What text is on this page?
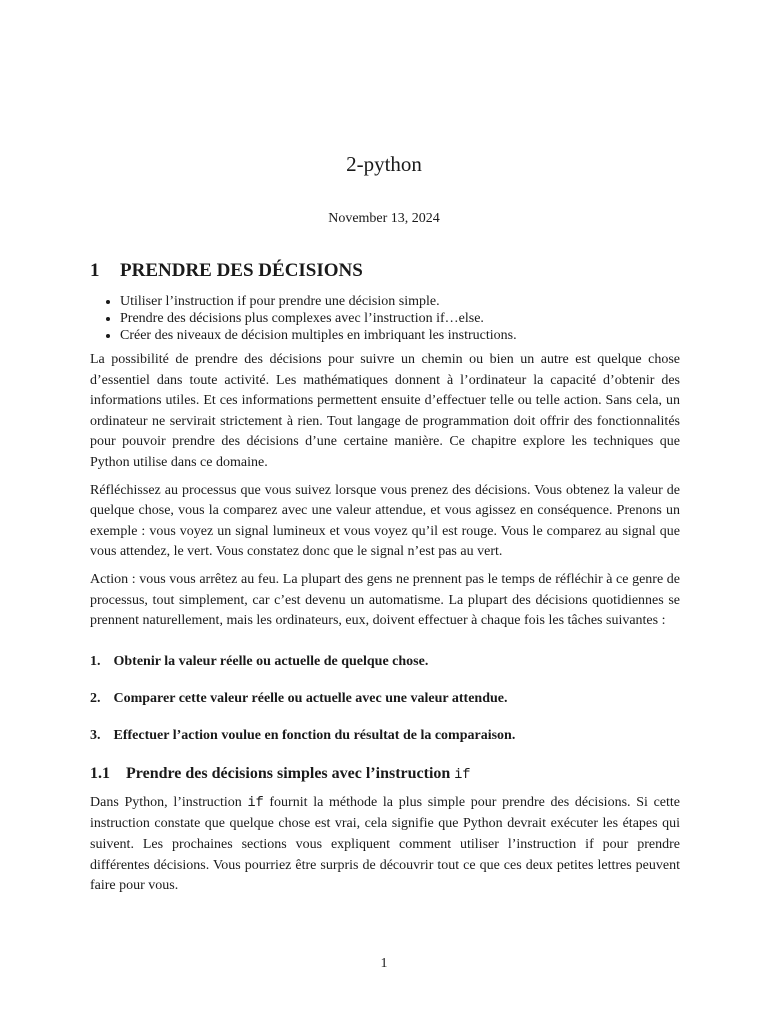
2-python
November 13, 2024
1 PRENDRE DES DÉCISIONS
• Utiliser l’instruction if pour prendre une décision simple.
• Prendre des décisions plus complexes avec l’instruction if…else.
• Créer des niveaux de décision multiples en imbriquant les instructions.

La possibilité de prendre des décisions pour suivre un chemin ou bien un autre est quelque chose d’essentiel dans toute activité. Les mathématiques donnent à l’ordinateur la capacité d’obtenir des informations utiles. Et ces informations permettent ensuite d’effectuer telle ou telle action. Sans cela, un ordinateur ne servirait strictement à rien. Tout langage de programmation doit offrir des fonctionnalités pour pouvoir prendre des décisions d’une certaine manière. Ce chapitre explore les techniques que Python utilise dans ce domaine.

Réfléchissez au processus que vous suivez lorsque vous prenez des décisions. Vous obtenez la valeur de quelque chose, vous la comparez avec une valeur attendue, et vous agissez en conséquence. Prenons un exemple : vous voyez un signal lumineux et vous voyez qu’il est rouge. Vous le comparez au signal que vous attendez, le vert. Vous constatez donc que le signal n’est pas au vert.

Action : vous vous arrêtez au feu. La plupart des gens ne prennent pas le temps de réfléchir à ce genre de processus, tout simplement, car c’est devenu un automatisme. La plupart des décisions quotidiennes se prennent naturellement, mais les ordinateurs, eux, doivent effectuer à chaque fois les tâches suivantes :

1. Obtenir la valeur réelle ou actuelle de quelque chose.
2. Comparer cette valeur réelle ou actuelle avec une valeur attendue.
3. Effectuer l’action voulue en fonction du résultat de la comparaison.
1.1 Prendre des décisions simples avec l’instruction if

Dans Python, l’instruction if fournit la méthode la plus simple pour prendre des décisions. Si cette instruction constate que quelque chose est vrai, cela signifie que Python devrait exécuter les étapes qui suivent. Les prochaines sections vous expliquent comment utiliser l’instruction if pour prendre différentes décisions. Vous pourriez être surpris de découvrir tout ce que ces deux petites lettres peuvent faire pour vous.

1
